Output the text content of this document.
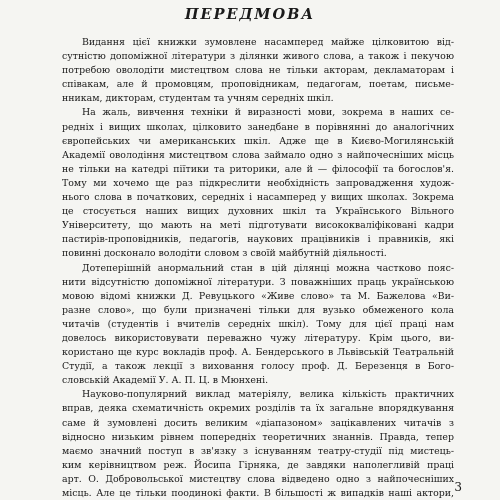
ПЕРЕДМОВА
Видання цієї книжки зумовлене насамперед майже цілковитою від-
сутністю допоміжної літератури з ділянки живого слова, а також і пекучою
потребою оволодіти мистецтвом слова не тільки акторам, декламаторам і
співакам, але й промовцям, проповідникам, педагогам, поетам, письме-
нникам, дикторам, студентам та учням середніх шкіл.
На жаль, вивчення техніки й виразності мови, зокрема в наших се-
редніх і вищих школах, цілковито занедбане в порівнянні до аналогічних
європейських чи американських шкіл. Адже ще в Києво-Могилянській
Академії оволодіння мистецтвом слова займало одно з найпочесніших місць
не тільки на катедрі піїтики та риторики, але й — філософії та богослов'я.
Тому ми хочемо ще раз підкреслити необхідність запровадження худож-
нього слова в початкових, середніх і насамперед у вищих школах. Зокрема
це стосується наших вищих духовних шкіл та Українського Вільного
Університету, що мають на меті підготувати висококваліфіковані кадри
пастирів-проповідників, педагогів, наукових працівників і правників, які
повинні досконало володіти словом з своїй майбутній діяльності.
Дотеперішній анормальний стан в цій ділянці можна частково пояс-
нити відсутністю допоміжної літератури. З поважніших праць українською
мовою відомі книжки Д. Ревуцького «Живе слово» та М. Бажелова «Ви-
разне слово», що були призначені тільки для вузько обмеженого кола
читачів (студентів і вчителів середніх шкіл). Тому для цієї праці нам
довелось використовувати переважно чужу літературу. Крім цього, ви-
користано ще курс вокладів проф. А. Бендерського в Львівській Театральній
Студії, а також лекції з виховання голосу проф. Д. Березенця в Бого-
словській Академії У. А. П. Ц. в Мюнхені.
Науково-популярний виклад матеріялу, велика кількість практичних
вправ, деяка схематичність окремих розділів та їх загальне впорядкування
саме й зумовлені досить великим «діапазоном» зацікавлених читачів з
відносно низьким рівнем попередніх теоретичних знаннів. Правда, тепер
маємо значний поступ в зв'язку з існуванням театру-студії під мистець-
ким керівництвом реж. Йосипа Гірняка, де завдяки наполегливій праці
арт. О. Добровольської мистецтву слова відведено одно з найпочесніших
місць. Але це тільки поодинокі факти. В більшості ж випадків наші актори, 3
